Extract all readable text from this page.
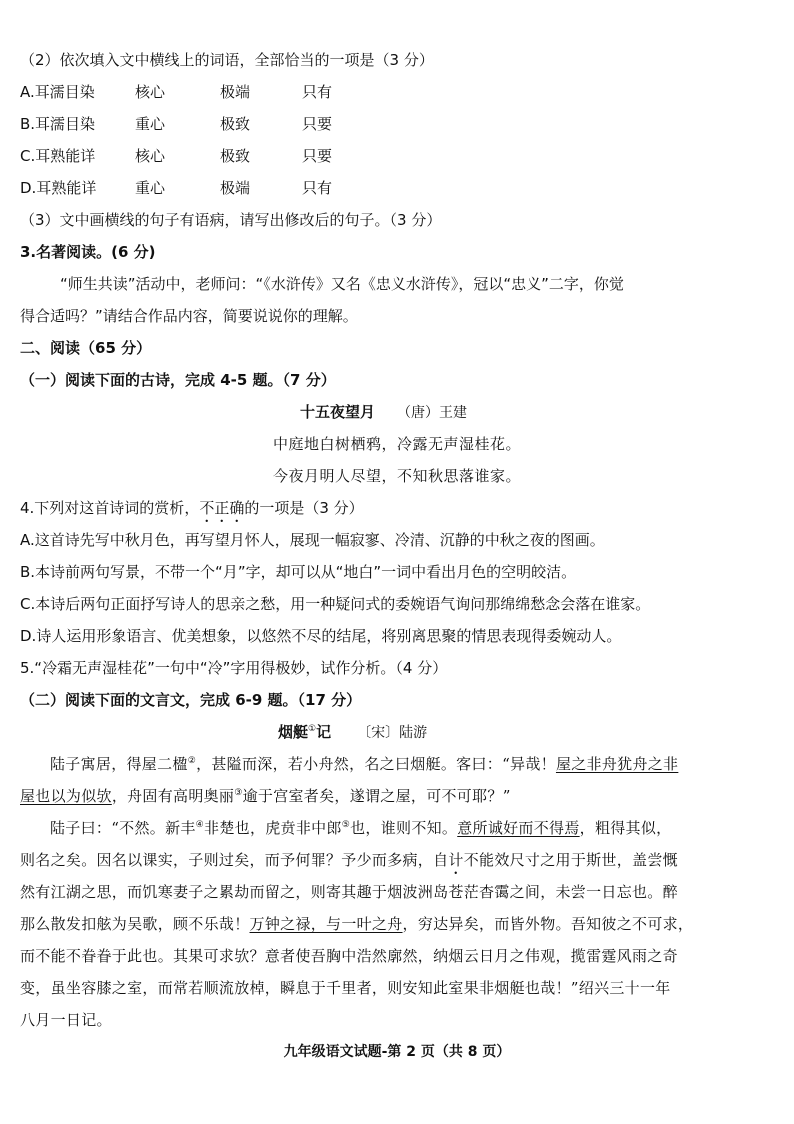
（2）依次填入文中横线上的词语，全部恰当的一项是（3 分）
A.耳濡目染	核心	极端	只有
B.耳濡目染	重心	极致	只要
C.耳熟能详	核心	极致	只要
D.耳熟能详	重心	极端	只有
（3）文中画横线的句子有语病，请写出修改后的句子。（3 分）
3.名著阅读。(6 分)
“师生共读”活动中，老师问：“《水浒传》又名《忠义水浒传》，冠以“忠义”二字，你觉
得合适吗？”请结合作品内容，简要说说你的理解。
二、阅读（65 分）
（一）阅读下面的古诗，完成 4-5 题。（7 分）
十五夜望月 （唐）王建
中庭地白树栖鸦，冷露无声湿桂花。
今夜月明人尽望，不知秋思落谁家。
4.下列对这首诗词的赏析，不正确的一项是（3 分）
A.这首诗先写中秋月色，再写望月怀人，展现一幅寂寥、冷清、沉静的中秋之夜的图画。
B.本诗前两句写景，不带一个“月”字，却可以从“地白”一词中看出月色的空明皎洁。
C.本诗后两句正面抒写诗人的思亲之愁，用一种疑问式的委婉语气询问那绵绵愁念会落在谁家。
D.诗人运用形象语言、优美想象，以悠然不尽的结尾，将别离思聚的情思表现得委婉动人。
5.“冷霜无声湿桂花”一句中“冷”字用得极妙，试作分析。（4 分）
（二）阅读下面的文言文，完成 6-9 题。（17 分）
烟艇①记 〔宋〕陆游
陆子寓居，得屋二楹②，甚隘而深，若小舟然，名之曰烟艇。客曰：“异哉！屋之非舟犹舟之非
屋也以为似欤，舟固有高明奥丽③逾于宫室者矣，遂谓之屋，可不可耶？”
陆子曰：“不然。新丰④非楚也，虎贲非中郎⑤也，谁则不知。意所诚好而不得焉，粗得其似，
则名之矣。因名以课实，子则过矣，而予何罪？予少而多病，自计不能效尺寸之用于斯世，盖尝慨
然有江湖之思，而饥寒妻子之累劫而留之，则寄其趣于烟波洲岛苍茫杳霭之间，未尝一日忘也。醉
那么散发扣舷为吴歌，顾不乐哉！万钟之禄，与一叶之舟，穷达异矣，而皆外物。吾知彼之不可求，
而不能不眷眷于此也。其果可求欤？意者使吾胸中浩然廓然，纳烟云日月之伟观，揽雷霆风雨之奇
变，虽坐容膝之室，而常若顺流放棹，瞬息于千里者，则安知此室果非烟艇也哉！”绍兴三十一年
八月一日记。
九年级语文试题-第 2 页（共 8 页）
